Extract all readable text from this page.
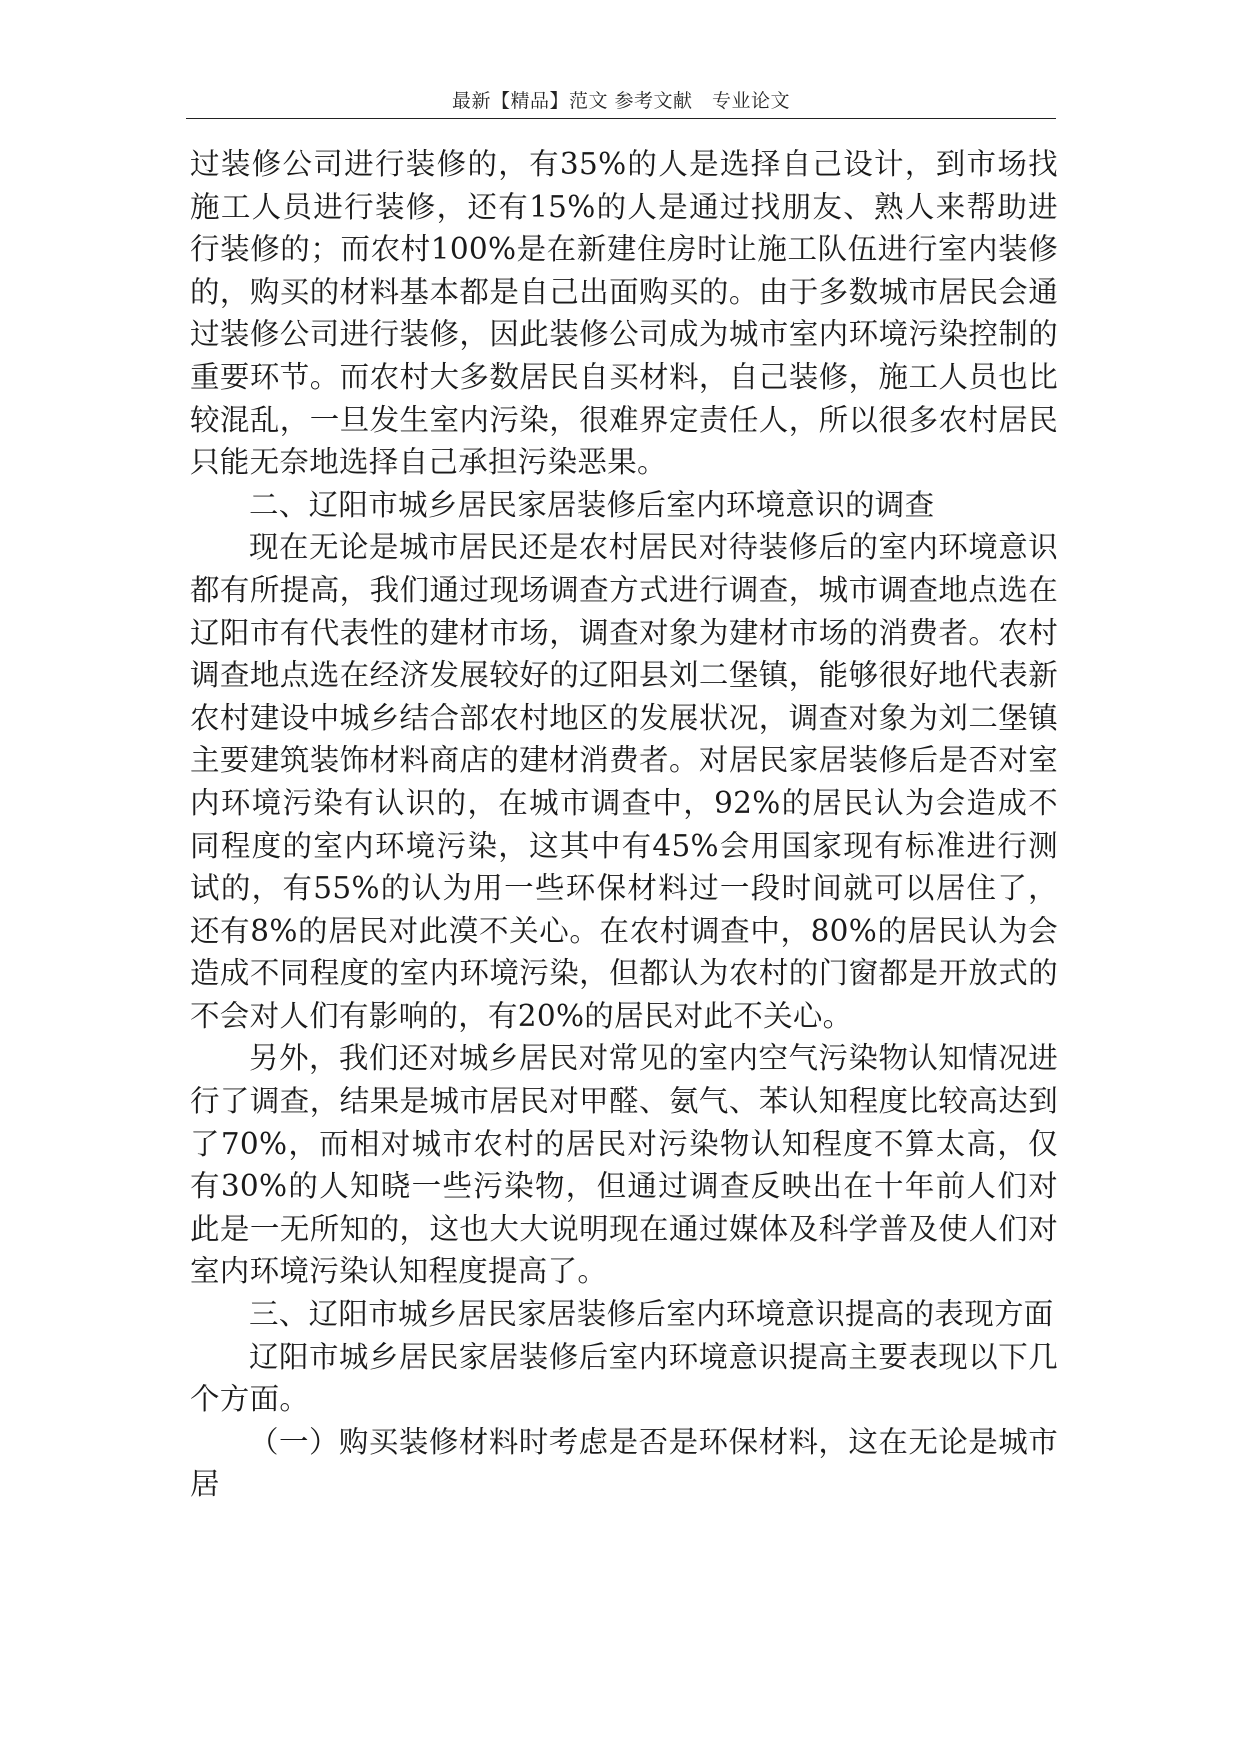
最新【精品】范文 参考文献　专业论文

过装修公司进行装修的，有35%的人是选择自己设计，到市场找施工人员进行装修，还有15%的人是通过找朋友、熟人来帮助进行装修的；而农村100%是在新建住房时让施工队伍进行室内装修的，购买的材料基本都是自己出面购买的。由于多数城市居民会通过装修公司进行装修，因此装修公司成为城市室内环境污染控制的重要环节。而农村大多数居民自买材料，自己装修，施工人员也比较混乱，一旦发生室内污染，很难界定责任人，所以很多农村居民只能无奈地选择自己承担污染恶果。

二、辽阳市城乡居民家居装修后室内环境意识的调查

现在无论是城市居民还是农村居民对待装修后的室内环境意识都有所提高，我们通过现场调查方式进行调查，城市调查地点选在辽阳市有代表性的建材市场，调查对象为建材市场的消费者。农村调查地点选在经济发展较好的辽阳县刘二堡镇，能够很好地代表新农村建设中城乡结合部农村地区的发展状况，调查对象为刘二堡镇主要建筑装饰材料商店的建材消费者。对居民家居装修后是否对室内环境污染有认识的，在城市调查中，92%的居民认为会造成不同程度的室内环境污染，这其中有45%会用国家现有标准进行测试的，有55%的认为用一些环保材料过一段时间就可以居住了，还有8%的居民对此漠不关心。在农村调查中，80%的居民认为会造成不同程度的室内环境污染，但都认为农村的门窗都是开放式的不会对人们有影响的，有20%的居民对此不关心。

另外，我们还对城乡居民对常见的室内空气污染物认知情况进行了调查，结果是城市居民对甲醛、氨气、苯认知程度比较高达到了70%，而相对城市农村的居民对污染物认知程度不算太高，仅有30%的人知晓一些污染物，但通过调查反映出在十年前人们对此是一无所知的，这也大大说明现在通过媒体及科学普及使人们对室内环境污染认知程度提高了。

三、辽阳市城乡居民家居装修后室内环境意识提高的表现方面

辽阳市城乡居民家居装修后室内环境意识提高主要表现以下几个方面。

（一）购买装修材料时考虑是否是环保材料，这在无论是城市居
